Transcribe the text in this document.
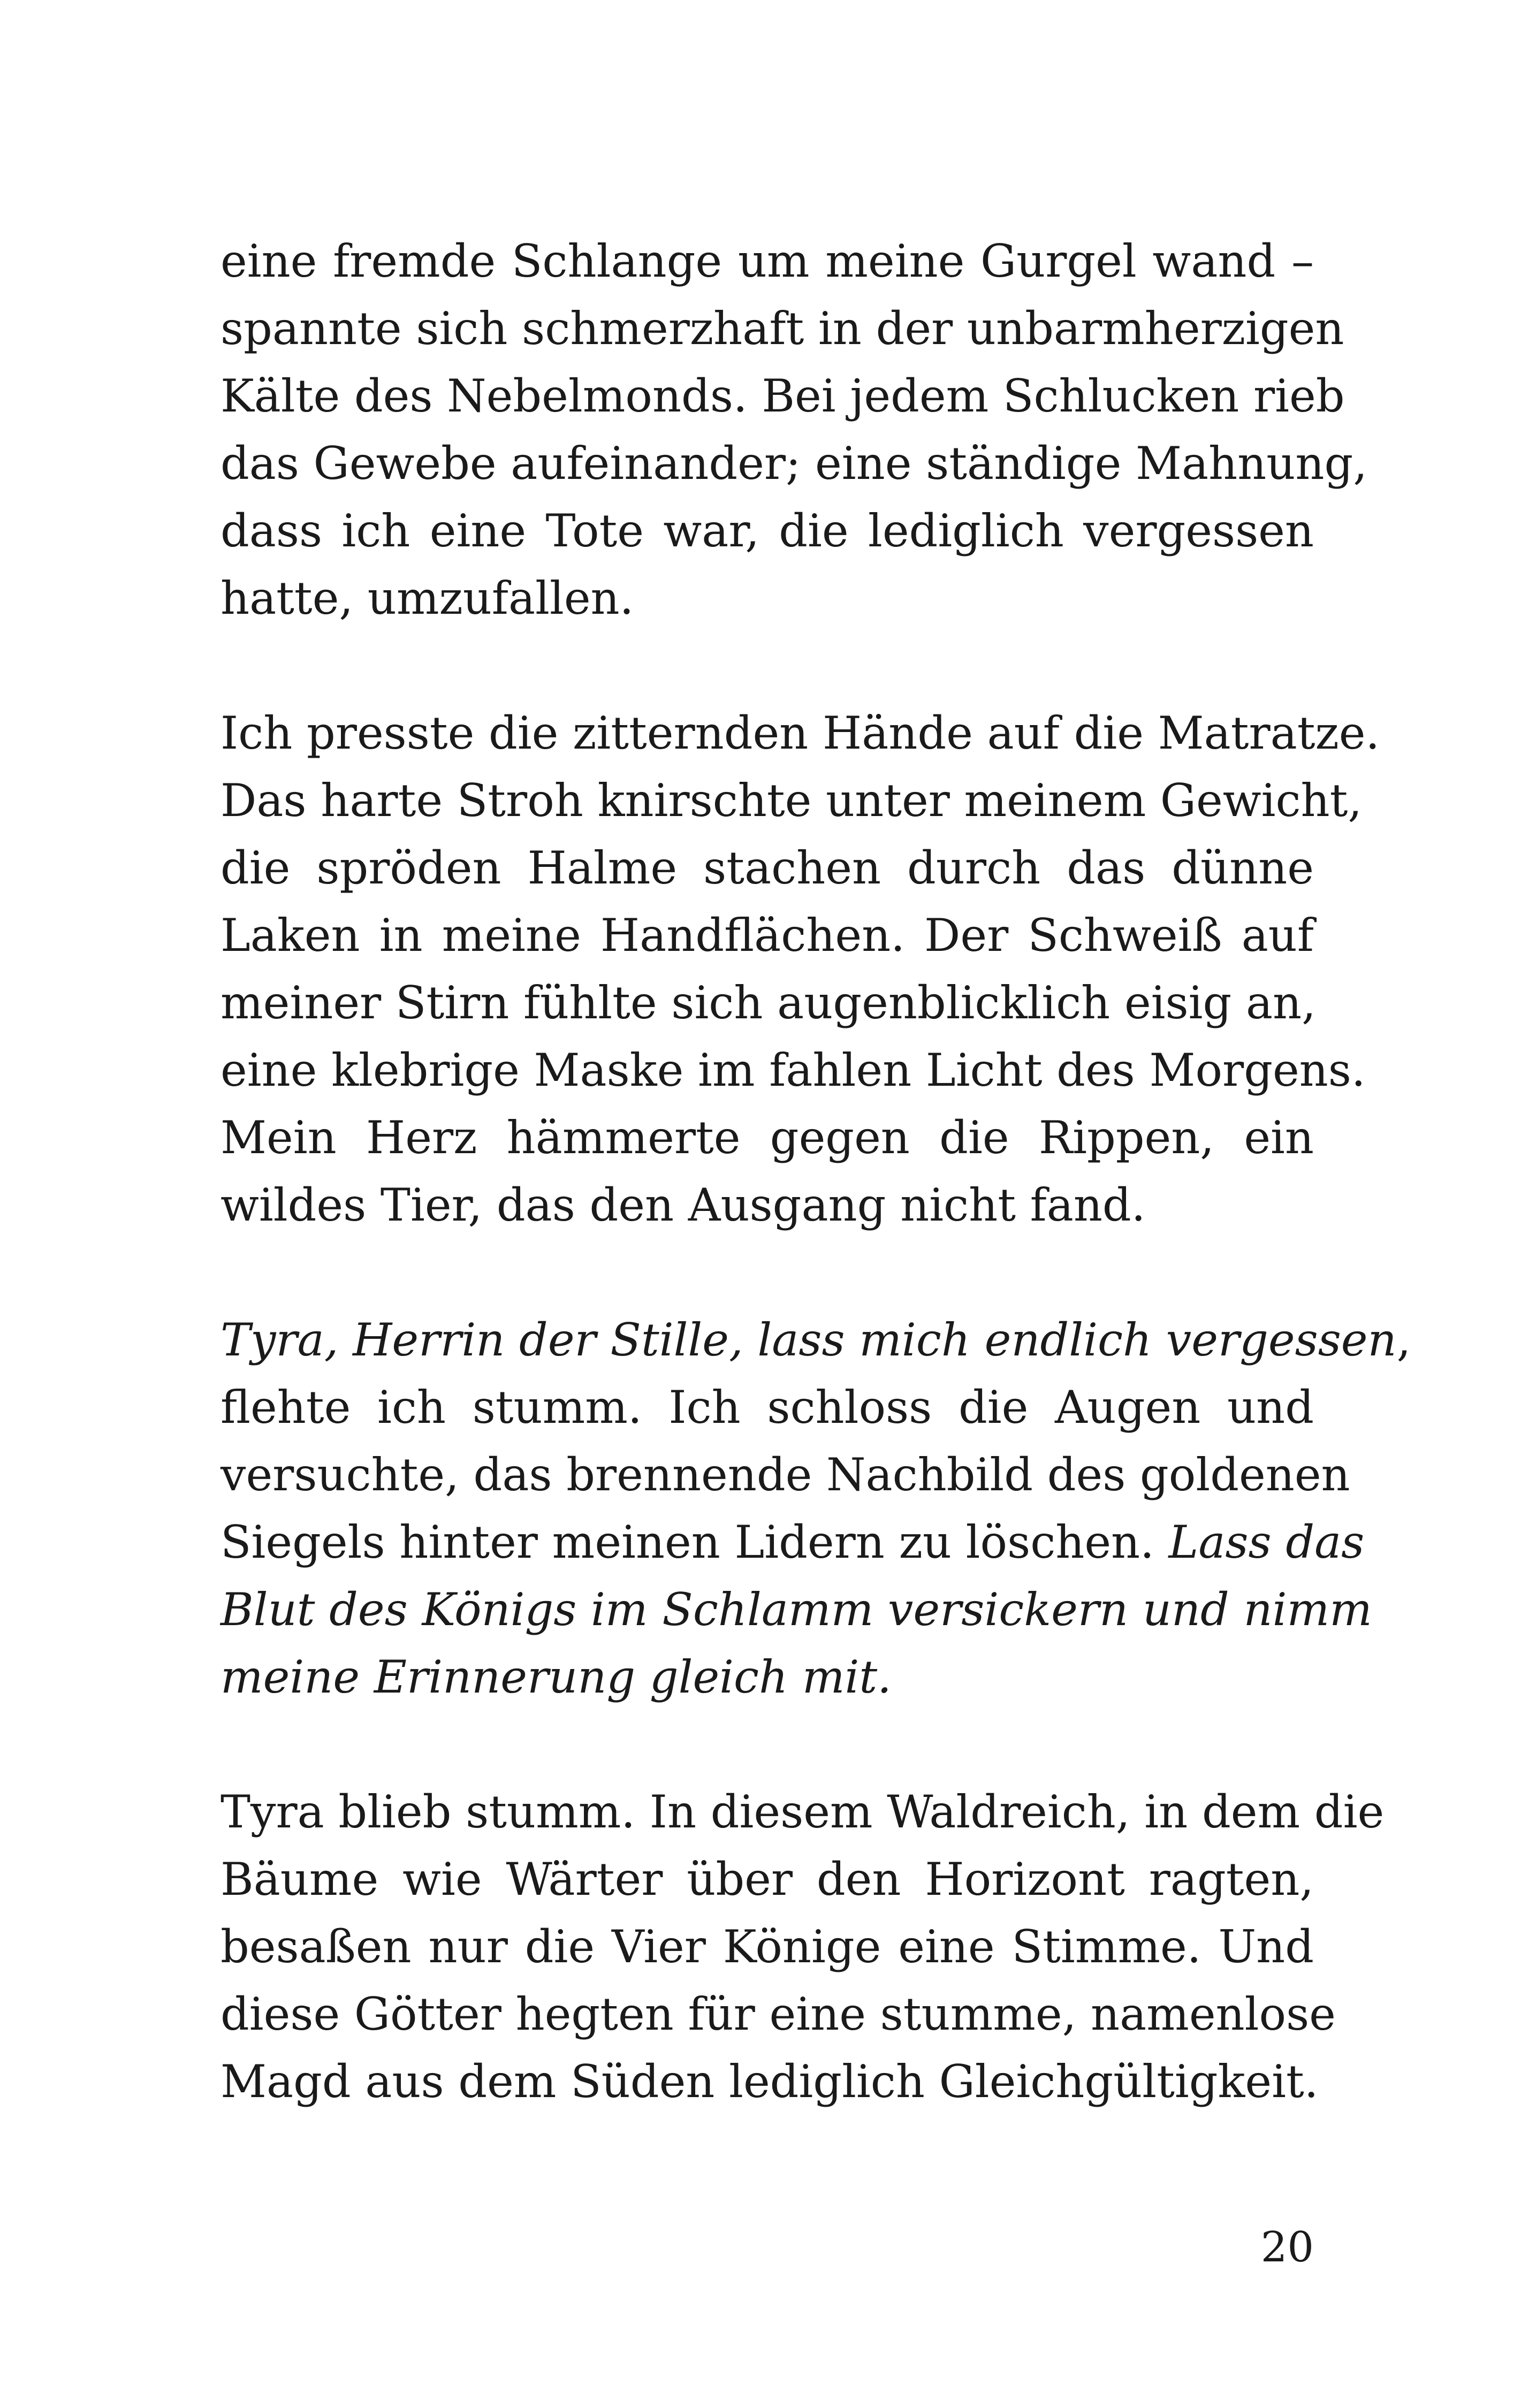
eine fremde Schlange um meine Gurgel wand –
spannte sich schmerzhaft in der unbarmherzigen
Kälte des Nebelmonds. Bei jedem Schlucken rieb
das Gewebe aufeinander; eine ständige Mahnung,
dass ich eine Tote war, die lediglich vergessen
hatte, umzufallen.
Ich presste die zitternden Hände auf die Matratze.
Das harte Stroh knirschte unter meinem Gewicht,
die spröden Halme stachen durch das dünne
Laken in meine Handflächen. Der Schweiß auf
meiner Stirn fühlte sich augenblicklich eisig an,
eine klebrige Maske im fahlen Licht des Morgens.
Mein Herz hämmerte gegen die Rippen, ein
wildes Tier, das den Ausgang nicht fand.
Tyra, Herrin der Stille, lass mich endlich vergessen,
flehte ich stumm. Ich schloss die Augen und
versuchte, das brennende Nachbild des goldenen
Siegels hinter meinen Lidern zu löschen. Lass das
Blut des Königs im Schlamm versickern und nimm
meine Erinnerung gleich mit.
Tyra blieb stumm. In diesem Waldreich, in dem die
Bäume wie Wärter über den Horizont ragten,
besaßen nur die Vier Könige eine Stimme. Und
diese Götter hegten für eine stumme, namenlose
Magd aus dem Süden lediglich Gleichgültigkeit.
20
